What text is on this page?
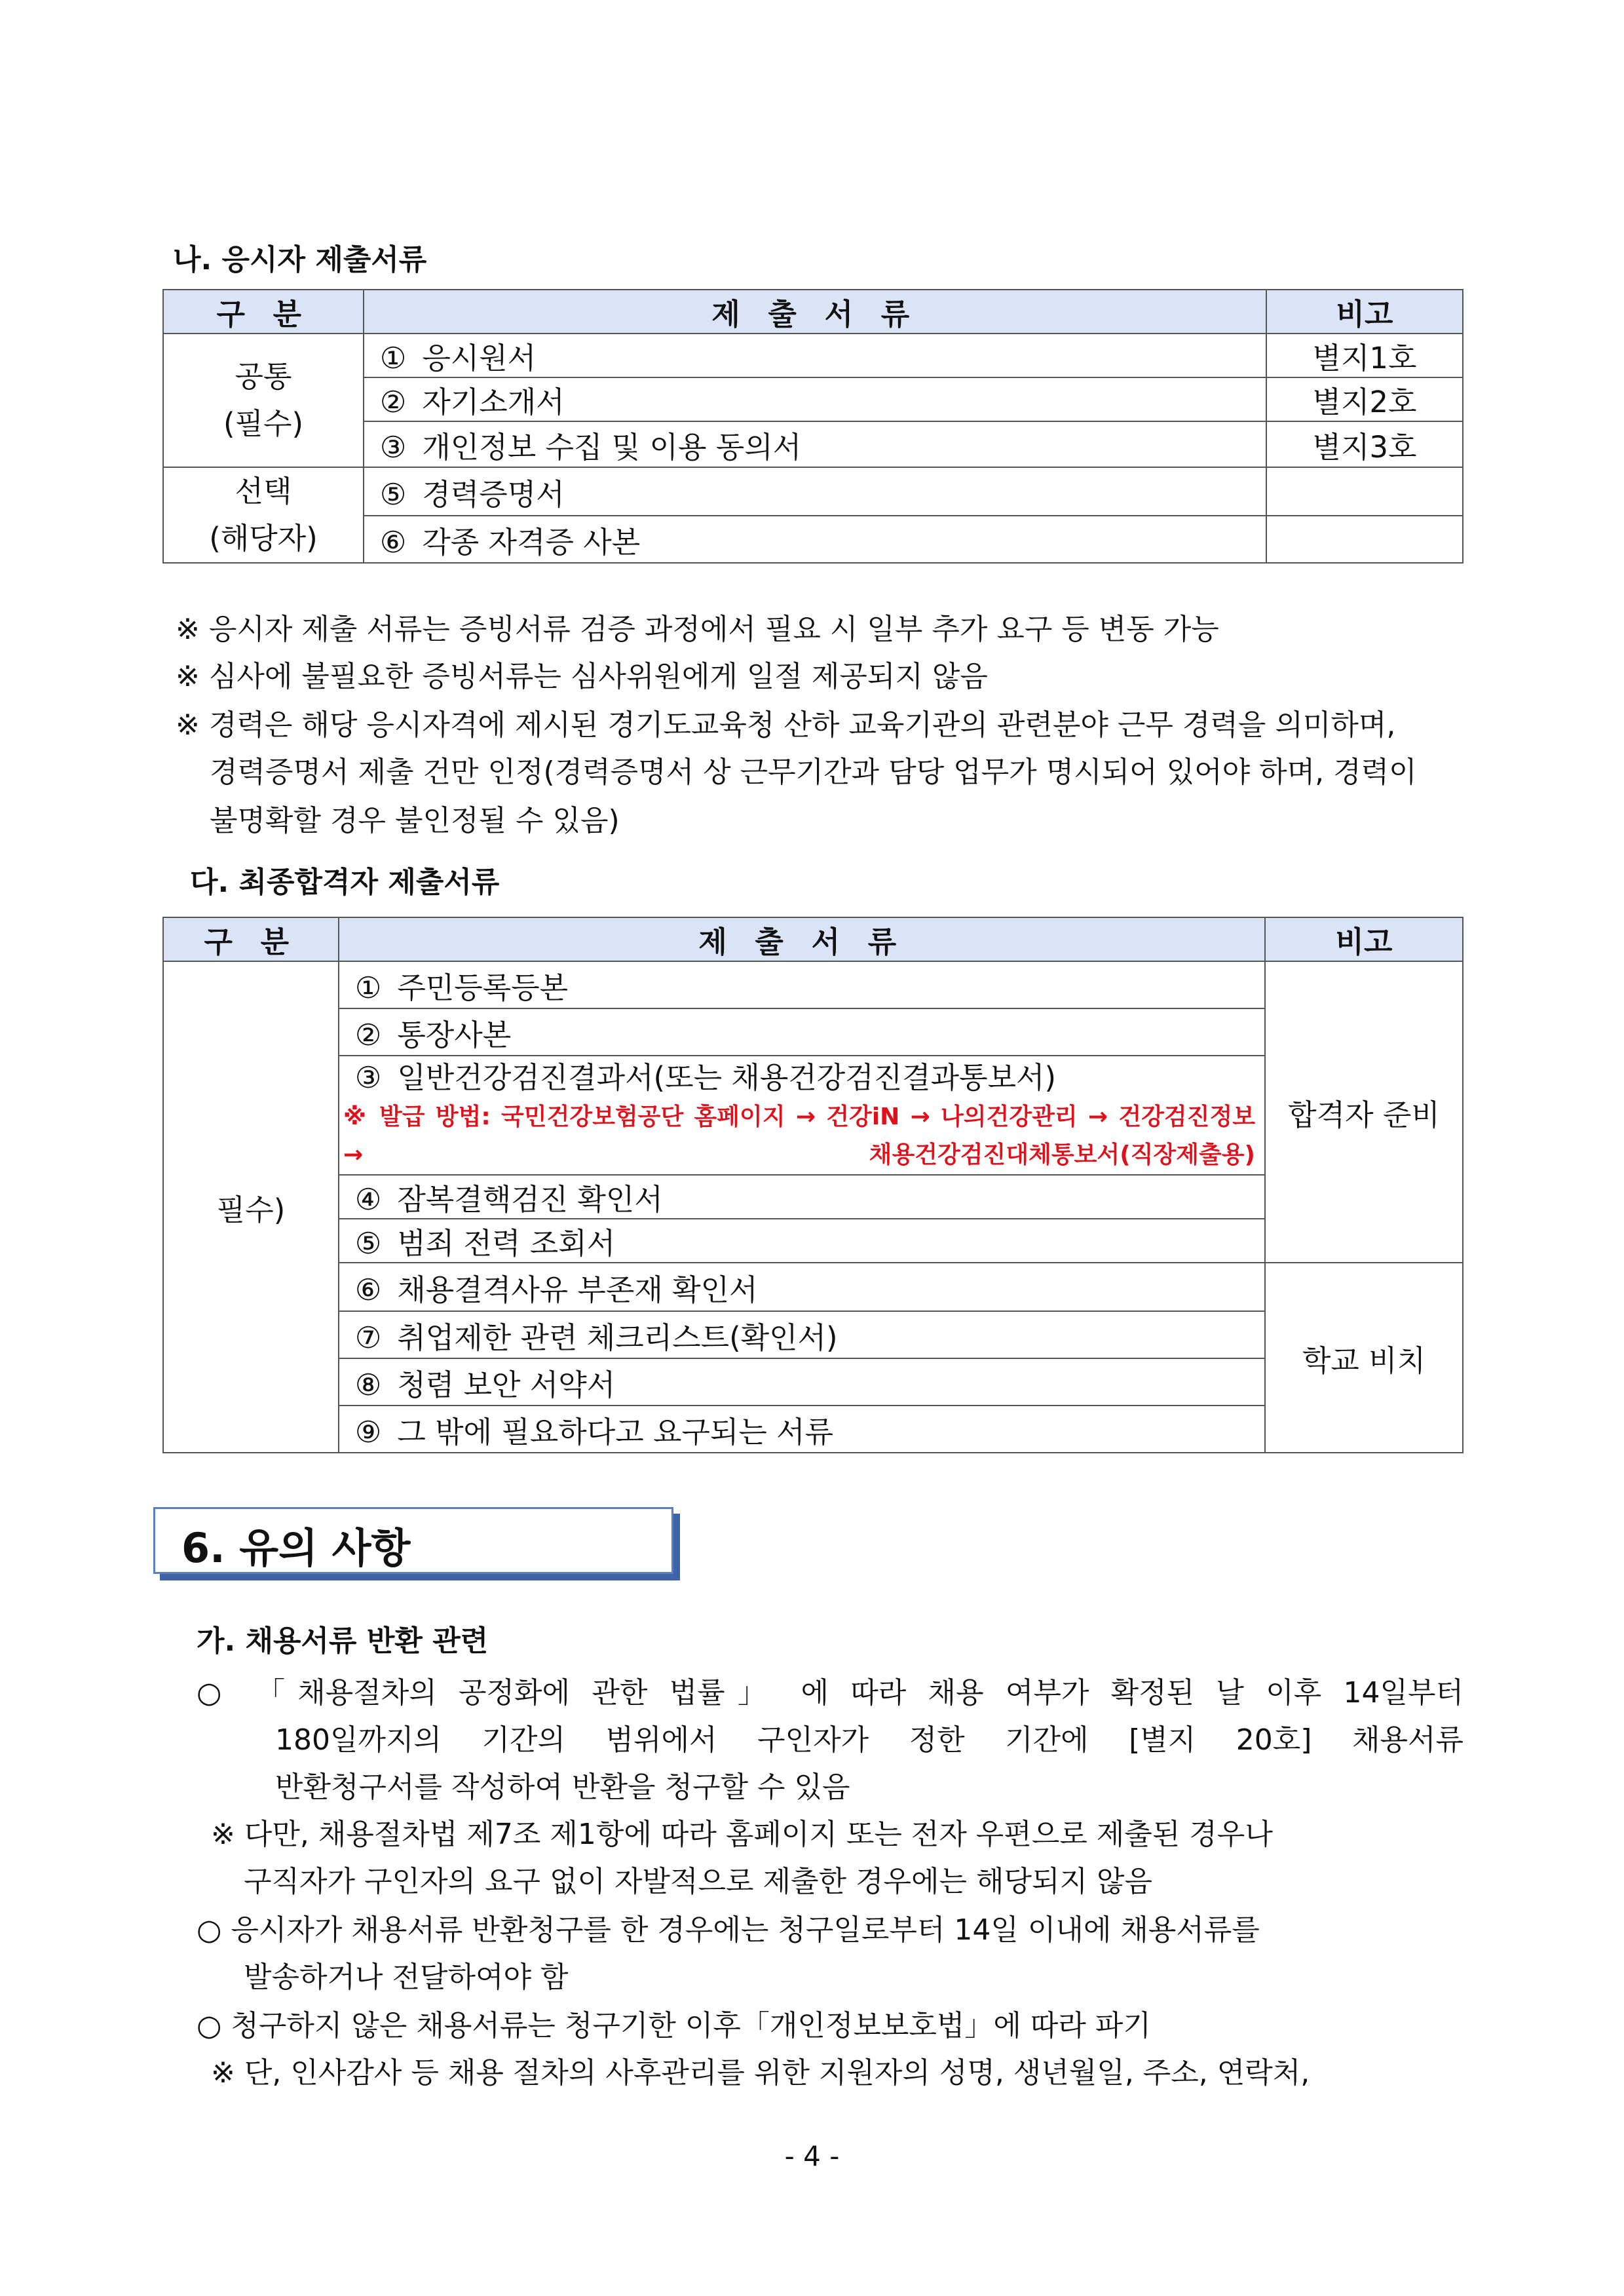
나. 응시자 제출서류
구 분	제 출 서 류	비고

공통
(필수)	① 응시원서	별지1호
	② 자기소개서	별지2호
	③ 개인정보 수집 및 이용 동의서	별지3호

선택
(해당자)	⑤ 경력증명서	
	⑥ 각종 자격증 사본	
※ 응시자 제출 서류는 증빙서류 검증 과정에서 필요 시 일부 추가 요구 등 변동 가능
※ 심사에 불필요한 증빙서류는 심사위원에게 일절 제공되지 않음
※ 경력은 해당 응시자격에 제시된 경기도교육청 산하 교육기관의 관련분야 근무 경력을 의미하며,
경력증명서 제출 건만 인정(경력증명서 상 근무기간과 담당 업무가 명시되어 있어야 하며, 경력이
불명확할 경우 불인정될 수 있음)
다. 최종합격자 제출서류
구 분	제 출 서 류	비고
필수)	① 주민등록등본	합격자 준비
	② 통장사본	

	③ 일반건강검진결과서(또는 채용건강검진결과통보서)
※ 발급 방법: 국민건강보험공단 홈페이지 → 건강iN → 나의건강관리 → 건강검진정보 → 채용건강검진대체통보서(직장제출용)	

	④ 잠복결핵검진 확인서	
	⑤ 범죄 전력 조회서	
	⑥ 채용결격사유 부존재 확인서	학교 비치
	⑦ 취업제한 관련 체크리스트(확인서)	
	⑧ 청렴 보안 서약서	
	⑨ 그 밖에 필요하다고 요구되는 서류	
6. 유의 사항
가. 채용서류 반환 관련
○ 「채용절차의 공정화에 관한 법률」 에 따라 채용 여부가 확정된 날 이후 14일부터
180일까지의 기간의 범위에서 구인자가 정한 기간에 [별지 20호] 채용서류
반환청구서를 작성하여 반환을 청구할 수 있음
※ 다만, 채용절차법 제7조 제1항에 따라 홈페이지 또는 전자 우편으로 제출된 경우나
구직자가 구인자의 요구 없이 자발적으로 제출한 경우에는 해당되지 않음
○ 응시자가 채용서류 반환청구를 한 경우에는 청구일로부터 14일 이내에 채용서류를
발송하거나 전달하여야 함
○ 청구하지 않은 채용서류는 청구기한 이후「개인정보보호법」에 따라 파기
※ 단, 인사감사 등 채용 절차의 사후관리를 위한 지원자의 성명, 생년월일, 주소, 연락처,
- 4 -
